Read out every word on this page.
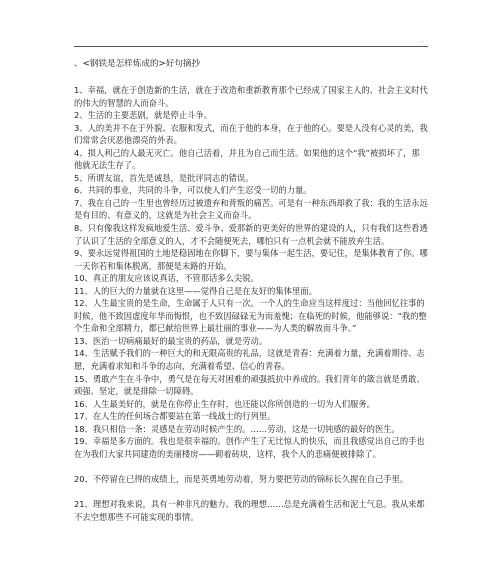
.
、<钢铁是怎样炼成的>好句摘抄

1、幸福，就在于创造新的生活，就在于改造和重新教育那个已经成了国家主人的、社会主义时代的伟大的智慧的人而奋斗。

2、生活的主要悲剧，就是停止斗争。

3、人的美并不在于外貌、衣服和发式，而在于他的本身，在于他的心。要是人没有心灵的美，我们常常会厌恶他漂亮的外表。

4、损人利己的人最无灭亡。他自己活着，并且为自己而生活。如果他的这个“我”被损坏了，那他就无法生存了。

5、所谓友谊，首先是诚恳，是批评同志的错误。

6、共同的事业，共同的斗争，可以使人们产生忍受一切的力量。

7、我在自己的一生里也曾经历过被遗弃和背叛的痛苦。可是有一种东西却救了我：我的生活永远是有目的、有意义的，这就是为社会主义而奋斗。

8、只有像我这样发疯地爱生活、爱斗争、爱那新的更美好的世界的建设的人，只有我们这些看透了认识了生活的全部意义的人，才不会随便死去，哪怕只有一点机会就不能放弃生活。

9、要永远觉得祖国的土地是稳固地在你脚下，要与集体一起生活，要记住，是集体教育了你。哪一天你若和集体脱离，那便是末路的开始。

10、真正的朋友应该说真话，不管那话多么尖锐。

11、人的巨大的力量就在这里——觉得自己是在友好的集体里面。

12、人生最宝贵的是生命，生命属于人只有一次。一个人的生命应当这样度过：当他回忆往事的时候，他不致因虚度年华而悔恨，也不致因碌碌无为而羞愧；在临死的时候，他能够说：“我的整个生命和全部精力，都已献给世界上最壮丽的事业——为人类的解放而斗争。”

13、医治一切病痛最好的最宝贵的药品，就是劳动。

14、生活赋予我们的一种巨大的和无限高贵的礼品，这就是青春：充满着力量，充满着期待、志愿，充满着求知和斗争的志向，充满着希望、信心的青春。

15、勇敢产生在斗争中，勇气是在每天对困难的顽强抵抗中养成的。我们青年的箴言就是勇敢、顽强、坚定，就是排除一切障碍。

16、人生最美好的，就是在你停止生存时，也还能以你所创造的一切为人们服务。

17、在人生的任何场合都要站在第一线战士的行列里。

18、我只相信一条：灵感是在劳动时候产生的。……劳动，这是一切钝感的最好的医生。

19、幸福是多方面的。我也是很幸福的。创作产生了无比惊人的快乐，而且我感觉出自己的手也在为我们大家共同建造的美丽楼房——砌着砖块，这样，我个人的悲痛便被排除了。

20、不停留在已得的成绩上，而是英勇地劳动着，努力要把劳动的锦标长久握在自己手里。

21、理想对我来说，具有一种非凡的魅力。我的理想……总是充满着生活和泥土气息。我从来都不去空想那些不可能实现的事情。
